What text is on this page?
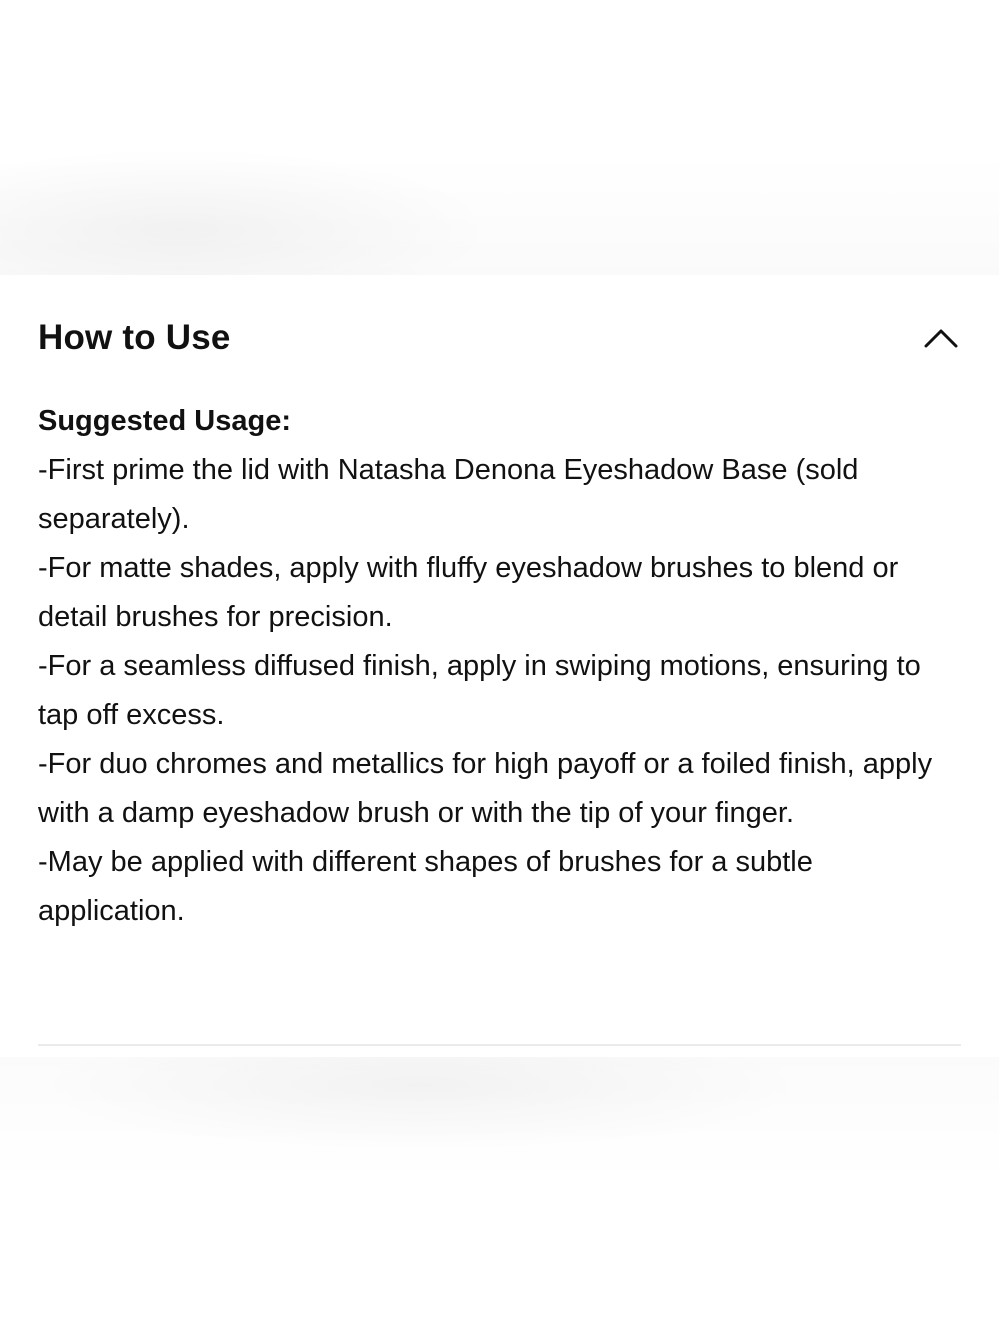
How to Use

Suggested Usage:

-First prime the lid with Natasha Denona Eyeshadow Base (sold separately).

-For matte shades, apply with fluffy eyeshadow brushes to blend or detail brushes for precision.

-For a seamless diffused finish, apply in swiping motions, ensuring to tap off excess.

-For duo chromes and metallics for high payoff or a foiled finish, apply with a damp eyeshadow brush or with the tip of your finger.

-May be applied with different shapes of brushes for a subtle application.
